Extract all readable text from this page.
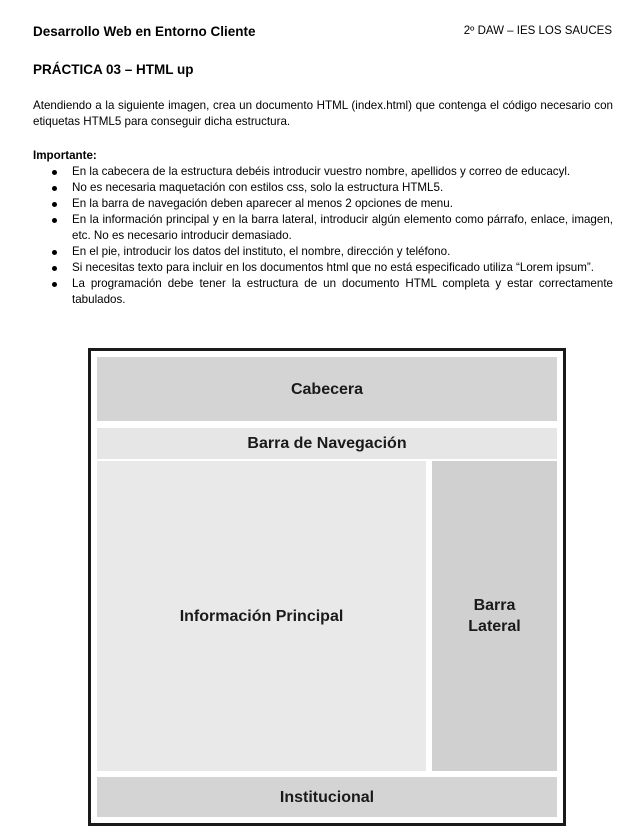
Desarrollo Web en Entorno Cliente	2º DAW – IES LOS SAUCES
PRÁCTICA 03 – HTML up

Atendiendo a la siguiente imagen, crea un documento HTML (index.html) que contenga el código necesario con etiquetas HTML5 para conseguir dicha estructura.

Importante:
En la cabecera de la estructura debéis introducir vuestro nombre, apellidos y correo de educacyl.
No es necesaria maquetación con estilos css, solo la estructura HTML5.
En la barra de navegación deben aparecer al menos 2 opciones de menu.
En la información principal y en la barra lateral, introducir algún elemento como párrafo, enlace, imagen, etc. No es necesario introducir demasiado.
En el pie, introducir los datos del instituto, el nombre, dirección y teléfono.
Si necesitas texto para incluir en los documentos html que no está especificado utiliza “Lorem ipsum”.
La programación debe tener la estructura de un documento HTML completa y estar correctamente tabulados.
Cabecera
Barra de Navegación
Información Principal
Barra
Lateral
Institucional
